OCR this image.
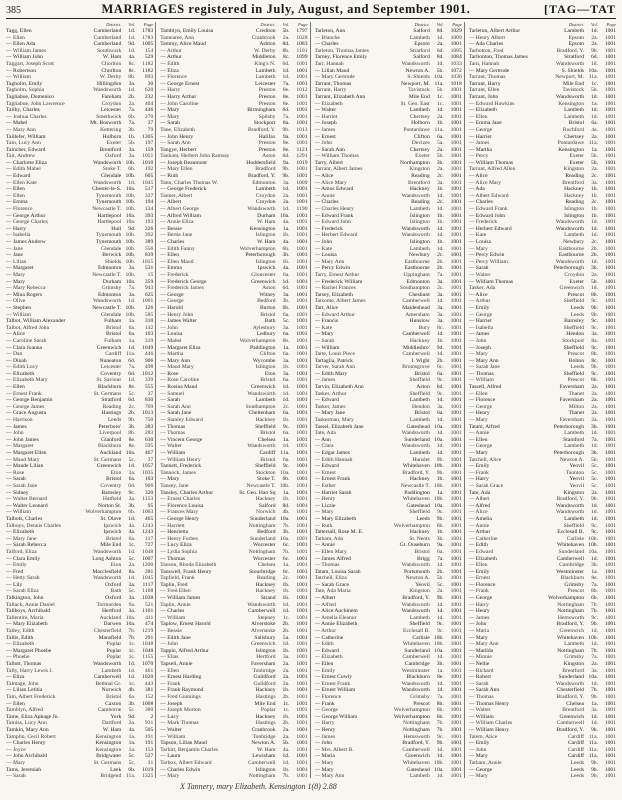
385	MARRIAGES registered in July, August, and September 1901.	[TAG—TAT
District.	Vol.	Page
Tagg, Ellen	Cumberland	1d.	1783
— Ellen	Cumberland	1d.	1783
— Ellen Ada	Cumberland	9d.	1005
— William James	Southwark	1d.	154
— William John	W. Ham	4a.	529
Taggart, Joseph Scott	Chorlton	8c.	1182
— Robertson	Chorlton	8c.	1182
— William	W. Derby	8b.	893
Tagholm, Emily	Hillingdon	3a.	30
Tagholm, Sophia	Wandsworth	1d.	620
Tagliabue, Domenico	Fareham	2b.	232
Tagliabue, John Lawrence	Croydon	2a.	404
Tailby, Charles	Leicester	7a.	446
— Joshua Charles	Smethwick	6b.	270
— Mabel	Mt. Bosworth	7a.	37
— Mary Ann	Kettering	3b.	79
Taillefer, William	Holborn	1b.	1305
Tain, Lucy Ann	Exeter	5b.	197
Taincher, Edward	Brentford	3a.	159
Tait, Andrew	Oxford	3a.	1051
— Charlotte Eliza	Wandsworth 10b.	1010
— Edith Mabel	Stoke T.	6b.	192
— Edward	Glendale 10b.	605
— Ellen Kate	Wandsworth	1d.	1045
— Ellen	Chester-le-S. 10a.	517
— Ellen	Tynemouth 10b.	327
— Emma	Tynemouth 10b.	194
— Florence	Newcastle T. 10b.	134
— George Arthur	Hartlepool 10a.	393
— George Charles	Hartlepool 10a.	193
— Harry	Hull	9d.	226
— Isabella	Tynemouth 10b.	392
— James Andrew	Tynemouth 10b.	389
— Jane	Glendale 10b.	556
— Jane	Berwick 10b.	839
— Lilian	Shields 10b.	1015
— Margaret	Edmonton	3a.	531
— Mary	Newcastle T. 10b.	15
— Mary	Durham 10a.	359
— Mary Rebecca	Grimsby	7a.	943
— Mina Rogers	Edmonton	3a.	625
— Olive	Wandsworth	1d.	1061
— Stephen	Newcastle T. 10b.	126
— William	Glendale 10b.	585
Talbot, William Alexander	Fulham	1a.	310
Talbot, Alfred John	Bristol	6a.	142
— Alice	Bristol	6a.	103
— Caroline Sarah	Fulham	1a.	319
— Clara Joanna	Greenwich	1d.	1049
— Dan	Cardiff 11a.	446
— Dinah	Nuneaton	6d.	906
— Edith Lucy	Leicester	7a.	498
— Elizabeth	Coventry	6d.	1012
— Elizabeth Mary	St. Saviour	1d.	339
— Ellen	Blackburn	8e.	555
— Ernest Frank	St. Germans	5c.	37
— George Benjamin	Stratford	6d.	830
— George James	Reading	2c.	769
— Grace Augusta	Hastings	2b.	1013
— Harrison	Leeds	9b.	750
— James	Peterboro'	3b.	383
— John	Liverpool	8b.	283
— John James	Glanford	8e.	630
— Margaret	Blackburn	8e.	595
— Margaret Ellen	Auckland 10a.	467
— Maud Mary	St. Germans	5c.	37
— Maude Lilian	Greenwich	1d.	1057
— Rose	Eton	3a.	1035
— Sarah	Bristol	6a.	103
— Sarah Jane	Coventry	6d.	906
— Sidney	Barnsley	9c.	320
— Walter Bernard	Hatfield	3a.	1153
— Walter Leonard	Norton St.	3b.	95
— William	Wolverhampton	6b.	1063
Talbots, Charles	St. Olave	1d.	465
Talboys, Dennis Charles	Ipswich	4a.	1243
— Elizabeth	Ipswich	4a.	1243
— Mary Jane	Bristol	6a.	117
— Sarah Rebecca	Mile End	1c.	727
Talford, Eliza	Wandsworth	1d.	1048
— Clara Emily	Long Ashton	5c.	1007
— Emily	Eton	2a.	1200
— Fred	Macclesfield	8a.	281
— Hetty Sarah	Wandsworth	1d.	1045
— Lily	Oxford	3a.	1117
— Sarah Eliza	Bath	5c.	1108
Talkington, John	Oxford	3a.	1038
Tallack, Annie Daniel	Tormorden	9a.	521
Tallboys, Archibald	Hertford	3a.	1101
Tallentire, Maria	Auckland 10a.	411
— Mary Elizabeth	Darwen 10a.	474
Talley, Edith	Chesterfield	7b.	1219
Tallis, Edith	Mansfield	7b.	291
— Elizabeth	Poplar	1c.	1048
— Margaret Phoebe	Poplar	1c.	1048
— Phoebe	Poplar	1c.	1155
Tallott, Thomas	Wandsworth	1d.	1070
Tally, Harry Lewis J.	Lambeth	1d.	461
— Eliza	Camberwell	1d.	1020
Talmage, John	Bethnal Gr.	1c.	443
— Lilian Letitia	Norwich	4b.	381
Tam, Albert Frederick	Bristol	6a.	152
— Ellen	Caxton	3b.	1008
Tamblyn, Alfred	Camborne	5c.	380
Tame, Eliza Aphage Jn.	York	9d.	2
Tamiss, Lucy Ann	Dartford	2a.	931
Tamkin, Mary Ann	W. Ham	4a.	505
Tamplin, Cecil Robert	Kensington	1a.	191
— Charles Henry	Kensington	1a.	191
— Joyce	Kensington	1a.	153
— John Archibald	Bridgwater	5c.	527
— Mary	St. Germans	5c.	31
Tams, Jeremiah	Leek	6b.	1019
— Sarah	Bridgend 11a.	1325
District.	Vol.	Page
Tamblyn, Emily Louisa	Crediton	5b.	1797
Tamearee, Ann	Cranbrook	2a.	1028
Tammy, Alice Maud	Ashton	8d.	1083
— Arthur	W. Derby	8b.	1101
— Arthur	Middleton	8c.	1099
— Edith	King's N.	6d.	1001
— Eliza	Lambeth	1d.	1001
— Florence	Lambeth	1d.	1001
— George Ernest	Leicester	7a.	1001
— Harry	Preston	8e.	1012
— Harry Arthur	Preston	8e.	1001
— John Caroline	Preston	8e.	1001
— Mary	Birmingham	6d.	1001
— Mary	Spilsby	7a.	1001
— Sarah	Stockport	8a.	1001
Tane, Elizabeth	Bradford, Y.	9b.	1013
— John Henry	Halifax	9a.	1001
— Sarah Ann	Preston	8e.	1001
Tangye, Herbert	Preston	8e.	1121
Tanham, Herbert John Ramsay	Aston	6d.	1291
— Joseph Beaumont	Huddersfield	9a.	1019
— Mary Ellen	Bradford	9b.	1001
— Ruth	Bradford, Y.	9b.	1001
Tann, Charles Thomas W.	Edmonton	3a.	1009
— George Frederick	Lambeth	1d.	1001
Tanner, Albert	Croydon	2a.	1001
— Albert	Croydon	2a.	1001
— Albert George	Wandsworth	1d.	1190
— Alfred William	Durham 10a.	1001
— Annie Eliza	W. Ham	4a.	1001
— Bessie	Kensington	1a.	1001
— Bertie Jane	Islington	1b.	1001
— Charles	W. Ham	4a.	1001
— Edith Fanny	Wolverhampton	6b.	1001
— Ellen	Peterborough	3b.	1001
— Ellen Maud	Islington	1b.	1001
— Emma	Ipswich	4a.	1001
— Frederick	Gloucester	6a.	1001
— Frederick George	Greenwich	1d.	1001
— Frederick James	Aston	6d.	1001
— George	Witney	3a.	1001
— George	Bedford	3b.	1001
— Harold	Burton	6b.	1001
— Henry John	Bristol	6a.	1001
— James Walter	Bath	5c.	1001
— John	Aylesbury	3a.	1001
— Louisa	Ledbury	6a.	1001
— Mabel	Wolverhampton	6b.	1001
— Margaret Eliza	Paddington	1a.	1001
— Martha	Clifton	6a.	1001
— Mary Ann	Wycombe	3a.	1001
— Maud Mary	Islington	1b.	1001
— Rose	Eton	3a.	1001
— Rose Caroline	Bristol	6a.	1001
— Rosina Maud	Greenwich	1d.	1001
— Samuel	Wandsworth	1d.	1001
— Sarah	Lambeth	1d.	1001
— Sarah Ann	Southampton	2c.	1001
— Sarah Jane	Cheltenham	6a.	1001
— Stanley Edward	Hackney	1b.	1001
— Thomas	Sheffield	9c.	1001
— Thomas	Bristol	6a.	1001
— Vincent George	Chelsea	1a.	1001
— Walter	Wandsworth	1d.	1001
— William	Cardiff 11a.	1001
— William Henry	Bristol	6a.	1001
Tannett, Frederick	Sheffield	9c.	1001
Tannock, James	Stockton 10a.	1001
— Mary	Stoke T.	6b.	1001
Tansey, Jane	Newcastle T. 10b.	1001
Tansley, Charles Arthur	St. Geo. Han Sq	1a.	1001
— Ernest Charles	Hackney	1b.	1001
— Florence Louisa	Salford	8d.	1001
— Frances Mary	Norwich	4b.	1001
— George Henry	Sunderland 10a.	1001
— Harriett	Nottingham	7b.	1001
— Henrietta	Bedford	3b.	1001
— Henry Forbes	Sunderland 10a.	1001
— Lucy Eliza	Worcester	6c.	1001
— Lydia Sophia	Nottingham	7b.	1001
— Thomas	Worcester	6c.	1001
Tanson, Rhoda Elizabeth	Chelsea	1a.	1001
Tanswell, Frank Henry	Stourbridge	6c.	1001
Tapfield, Frank	Reading	2c.	1001
Taplin, Fred	Hackney	1b.	1001
— Fred Ellen	Hackney	1b.	1001
— William James	Strand	1b.	1001
Taplin, Annie	Wandsworth	1d.	1001
— Charles	Camberwell	1d.	1001
— William	Stepney	1c.	1001
Taplow, Ernest Harold	Alverstoke	2b.	1001
— Bessie	Alverstoke	2b.	1001
— Edith Jane	Salisbury	5a.	1001
— John	Greenwich	1d.	1001
Tappin, Alfred Arthur	Islington	1b.	1001
— Elias	Hertford	3a.	1001
Tapsell, Annie	Faversham	2a.	1001
— Ellen	Tonbridge	2a.	1001
— Ernest Harding	Guildford	2a.	1001
— Frank	Guildford	2a.	1001
— Frank Raymond	Hackney	1b.	1001
— Fred Gunnings	Hastings	2b.	1001
— Joseph	Mile End	1c.	1001
— Joseph Morton	Poplar	1c.	1001
— Lucy	Hackney	1b.	1001
— Mark Thomas	Hastings	2b.	1001
— Walter	Cranbrook	2a.	1001
— William	Tonbridge	2a.	1001
Tapson, Lilian Maud	Newton A.	5b.	1001
Tarbitt, Benjamin Charles	W. Ham	4a.	1001
— Laura	Lewisham	1d.	1001
Tarbox, Albert Edward	Camberwell	1d.	1001
— Charles Edwin	Islington	1b.	1001
— Mary	Nottingham	7b.	1001
District.	Vol.	Page
Tarleton, Ann	Salford	8d.	1029
— Blanche	Lambeth	1d.	1009
— Charles	Epsom	2a.	1001
Tarleton, Thomas James	Stratford	6d.	1085
Tarney, Florence Emily	Salford	8d.	1084
Tarr, Hannah	Wandsworth	1d.	1033
— Lilian Maud	Newton A.	5b.	1072
— Mary Gertrude	S. Shields 10a.	1036
Tarrant, Thomas	Newport, M. 11a.	1018
Tarrant, Harry	Tavistock	5b.	1001
Tarrant, Elizabeth Ann	Mile End	1c.	1001
— Elizabeth	St. Geo. East	1c.	1001
— Walter	Lambeth	1d.	1001
— Harriet	Chertsey	2a.	1001
— Joseph	Holborn	1b.	1001
— James	Pontardawe 11a.	1001
— Ernest	Clifton	6a.	1001
— John	Devizes	5a.	1001
— Sarah Ann	Chertsey	2a.	1001
— William Thomas	Exeter	5b.	1001
Tarry, Albert	Northampton	3b.	1001
Tarrant, Albert James	Kingston	2a.	1001
— Alice	Reading	2c.	1001
— Alice Mary	Brentford	3a.	1001
— Amos Edward	Hackney	1b.	1001
— Annie	Wandsworth	1d.	1001
— Charles	Reading	2c.	1001
— Charles Henry	Lambeth	1d.	1001
— Edward Frank	Islington	1b.	1001
— Edward John	Islington	1b.	1001
— Frederick	Wandsworth	1d.	1001
— Herbert Edward	Wandsworth	1d.	1001
— John	Islington	1b.	1001
— Kate	Lambeth	1d.	1001
— Louisa	Newbury	2c.	1001
— Mary Ann	Eastbourne	2b.	1001
— Percy Edwin	Eastbourne	2b.	1001
Tarry, Ernest Arthur	Uppingham	7a.	1001
— Frederick William	Edmonton	3a.	1001
— Rachel Frances	Southampton	2c.	1001
Tarsey, Elizabeth	Cheshunt	3a.	1001
Tarsome, Albert James	Camberwell	1d.	1001
Tart, Alice	Maidenhead	3a.	1001
— Edward Arthur	Amersham	3a.	1001
— Francis	Hunslow	3a.	1001
— Kate	Bury	8c.	1001
— Mary	Camberwell	1d.	1001
— Sarah	Hackney	1b.	1001
— William	Middlesbro'	9d.	1001
Tarte, Louis Piece	Camberwell	1d.	1001
Tartaglia, Patrick	I. Wight	2b.	1001
Tarver, Sarah Ann	Bromsgrove	6c.	1001
— Edith Mary	Bristol	6a.	1001
— James	Sheffield	9c.	1001
Tarvin, Elizabeth Ann	Aston	6d.	1001
Tasker, Arthur	Sheffield	9c.	1001
— Edward	Lambeth	1d.	1001
Tasker, James	Hendon	3a.	1001
— Mary Jane	Bristol	6a.	1001
Taskerman, Mary	Lambeth	1d.	1001
Tassel, Elizabeth Jane	Gateshead 10a.	1001
Tate, Ada	Wandsworth	1d.	1001
— Ann	Sunderland 10a.	1001
— Clara	Wandsworth	1d.	1001
— Edgar James	Lambeth	1d.	1001
— Edith Hannah	Hunslet	9b.	1001
— Edward	Whitehaven 10b.	1001
— Ernest	Bradford, Y.	9b.	1001
— Ernest Frank	Hackney	1b.	1001
— Esther	Newcastle T. 10b.	1001
— Harriet Sarah	Paddington	1a.	1001
— Henry	Whitehaven 10b.	1001
— Lizzie	Gateshead 10a.	1001
— Mary	Sheffield	9c.	1001
— Mary Elizabeth	Leeds	9b.	1001
— Ruth	Wolverhampton	6b.	1001
Tattersall, Rose M. E.	Hackney	1b.	1001
Tatham, Ada	St. Neots	3b.	1001
— Annie	Gt. Ouseburn	9a.	1001
— Ellen Mary	Bristol	6a.	1001
— James Alfred	Brigg	7a.	1001
— Thomas	Wandsworth	1d.	1001
Tatam, Louisa Sarah	Portsmouth	2b.	1001
Tatchell, Eliza	Newton A.	5b.	1001
— Sarah Grace	Yeovil	5c.	1001
Tate, Ada Maria	Kingston	2a.	1001
— Albert	Bradford, Y.	9b.	1001
— Alfred	Wandsworth	1d.	1001
— Alice Auchinem	Wandsworth	1d.	1001
— Amelia Eleanor	Lambeth	1d.	1001
— Annie Elizabeth	Sheffield	9c.	1001
— Arthur	Ecclesall B.	9c.	1001
— Catherine	Carlisle 10b.	1001
— Edith	Whitehaven 10b.	1001
— Edward	Sunderland 10a.	1001
— Elizabeth	Camberwell	1d.	1001
— Ellen	Cambridge	3b.	1001
— Emily	Westminster	1a.	1001
— Ernest Cowly	Blackburn	8e.	1001
— Ernest Frank	Wandsworth	1d.	1001
— Ernest William	Wandsworth	1d.	1001
— Florence	Grimsby	7a.	1001
— Frank	Prescot	8b.	1001
— George	Wolverhampton	6b.	1001
— George William	Wolverhampton	6b.	1001
— Harry	Nottingham	7b.	1001
— Henry	Nottingham	7b.	1001
— James	Hemsworth	9c.	1001
— John	Bradford, Y.	9b.	1001
— Mrs. Albert B.	Camberwell	1d.	1001
— Maria	Greenwich	1d.	1001
— Mary	Whitehaven 10b.	1001
— Mary	Gateshead 10a.	1001
— Mary Ann	Lambeth	1d.	1001
District.	Vol.	Page
Tarleton, Albert Arthur	Lambeth	1d.	1001
— Henry Albert	Epsom	2a.	1001
— Ada Charles	Epsom	2a.	1001
Tarbotton, Fred	Bradford, Y.	9b.	1001
Tarltonton, Thomas James	Stratford	6d.	1001
Tarn, Hannah	Wandsworth	1d.	1001
— Mary Gertrude	S. Shields 10a.	1001
Tarrant, Thomas	Newport, M. 11a.	1001
Tarrant, Harry	Mile End	1c.	1001
Tarrant, Ellen	Tavistock	5b.	1001
Tarrant, John	Wandsworth	1d.	1001
— Edward Hawkins	Kensington	1a.	1001
— Elizabeth	Lambeth	1d.	1001
— Ellen	Lambeth	1d.	1001
— Emma Jane	Bristol	6a.	1001
— George	Rochford	4a.	1001
— Harriet	Chertsey	2a.	1001
— James	Pontardawe 11a.	1001
— Martha	Kensington	1a.	1001
— Percy	Exeter	5b.	1001
— William Thomas	Exeter	5b.	1001
Tarrant, Alfred Allen	Kingston	2a.	1001
— Alice	Reading	2c.	1001
— Alice Mary	Brentford	3a.	1001
— Ada	Hackney	1b.	1001
— Albert Edward	Hackney	1b.	1001
— Charles	Reading	2c.	1001
— Edward Frank	Islington	1b.	1001
— Edward John	Islington	1b.	1001
— Frederick	Wandsworth	1d.	1001
— Herbert Edward	Wandsworth	1d.	1001
— Kate	Lambeth	1d.	1001
— Louisa	Newbury	2c.	1001
— Mary	Eastbourne	2b.	1001
— Percy Edwin	Eastbourne	2b.	1001
— Percy William	Wandsworth	1d.	1001
— Sarah	Peterborough	3b.	1001
— Walter	Croydon	2a.	1001
— William Thomas	Exeter	5b.	1001
Tasker, Ada	Greenwich	1d.	1001
— Alice	Prescot	8b.	1001
— Arthur	Sheffield	9c.	1001
— Emily	Leeds	9b.	1001
— George	Leeds	9b.	1001
— Harriet	Barnsley	9c.	1001
— Isabella	Sheffield	9c.	1001
— James	Hendon	3a.	1001
— John	Stockport	8a.	1001
— Joseph	Sheffield	9c.	1001
— Mary	Prescot	8b.	1001
— Mary Ann	Bolton	8c.	1001
— Sarah Jane	Leeds	9b.	1001
— Thomas	Sheffield	9c.	1001
— William	Prescot	8b.	1001
Tassell, Alfred	Faversham	2a.	1001
— Ellen	Thanet	2a.	1001
— Florence	Faversham	2a.	1001
— George	Milton	2a.	1001
— Henry	Thanet	2a.	1001
— Mary	Faversham	2a.	1001
Tatam, Alfred	Peterborough	3b.	1001
— Annie	Lambeth	1d.	1001
— Ellen	Stamford	7a.	1001
— George	Lambeth	1d.	1001
— Mary	Peterborough	3b.	1001
Tatchell, Alice	Newton A.	5b.	1001
— Emily	Yeovil	5c.	1001
— Frank	Taunton	5c.	1001
— Harry	Yeovil	5c.	1001
— Sarah Grace	Yeovil	5c.	1001
Tate, Ada	Kingston	2a.	1001
— Albert	Bradford, Y.	9b.	1001
— Alfred	Wandsworth	1d.	1001
— Alice	Wandsworth	1d.	1001
— Amelia	Lambeth	1d.	1001
— Annie	Sheffield	9c.	1001
— Arthur	Ecclesall B.	9c.	1001
— Catherine	Carlisle 10b.	1001
— Edith	Whitehaven 10b.	1001
— Edward	Sunderland 10a.	1001
— Elizabeth	Camberwell	1d.	1001
— Ellen	Cambridge	3b.	1001
— Emily	Westminster	1a.	1001
— Ernest	Blackburn	8e.	1001
— Florence	Grimsby	7a.	1001
— Frank	Prescot	8b.	1001
— George	Wolverhampton	6b.	1001
— Harry	Nottingham	7b.	1001
— Henry	Nottingham	7b.	1001
— James	Hemsworth	9c.	1001
— John	Bradford, Y.	9b.	1001
— Maria	Greenwich	1d.	1001
— Mary	Whitehaven 10b.	1001
— Mary Ann	Lambeth	1d.	1001
— Matilda	Nottingham	7b.	1001
— Minnie	Grimsby	7a.	1001
— Nellie	Kingston	2a.	1001
— Richard	Brentford	3a.	1001
— Robert	Sunderland 10a.	1001
— Sarah	Wandsworth	1d.	1001
— Sarah Ann	Chesterfield	7b.	1001
— Thomas	Bradford, Y.	9b.	1001
— Thomas Henry	Chelsea	1a.	1001
— Walter	Brentford	3a.	1001
— William	Greenwich	1d.	1001
— William Charles	Camberwell	1d.	1001
— William Henry	Bradford, Y.	9b.	1001
Tatem, Alice	Cardiff 11a.	1001
— Emily	Cardiff 11a.	1001
— John	Cardiff 11a.	1001
— Mary	Cardiff 11a.	1001
Tatham, Annie	Leeds	9b.	1001
— George	Leeds	9b.	1001
— Mary	Leeds	9b.	1001
X Tannery, mary Elizabeth. Kensington 1(8) 2.88
